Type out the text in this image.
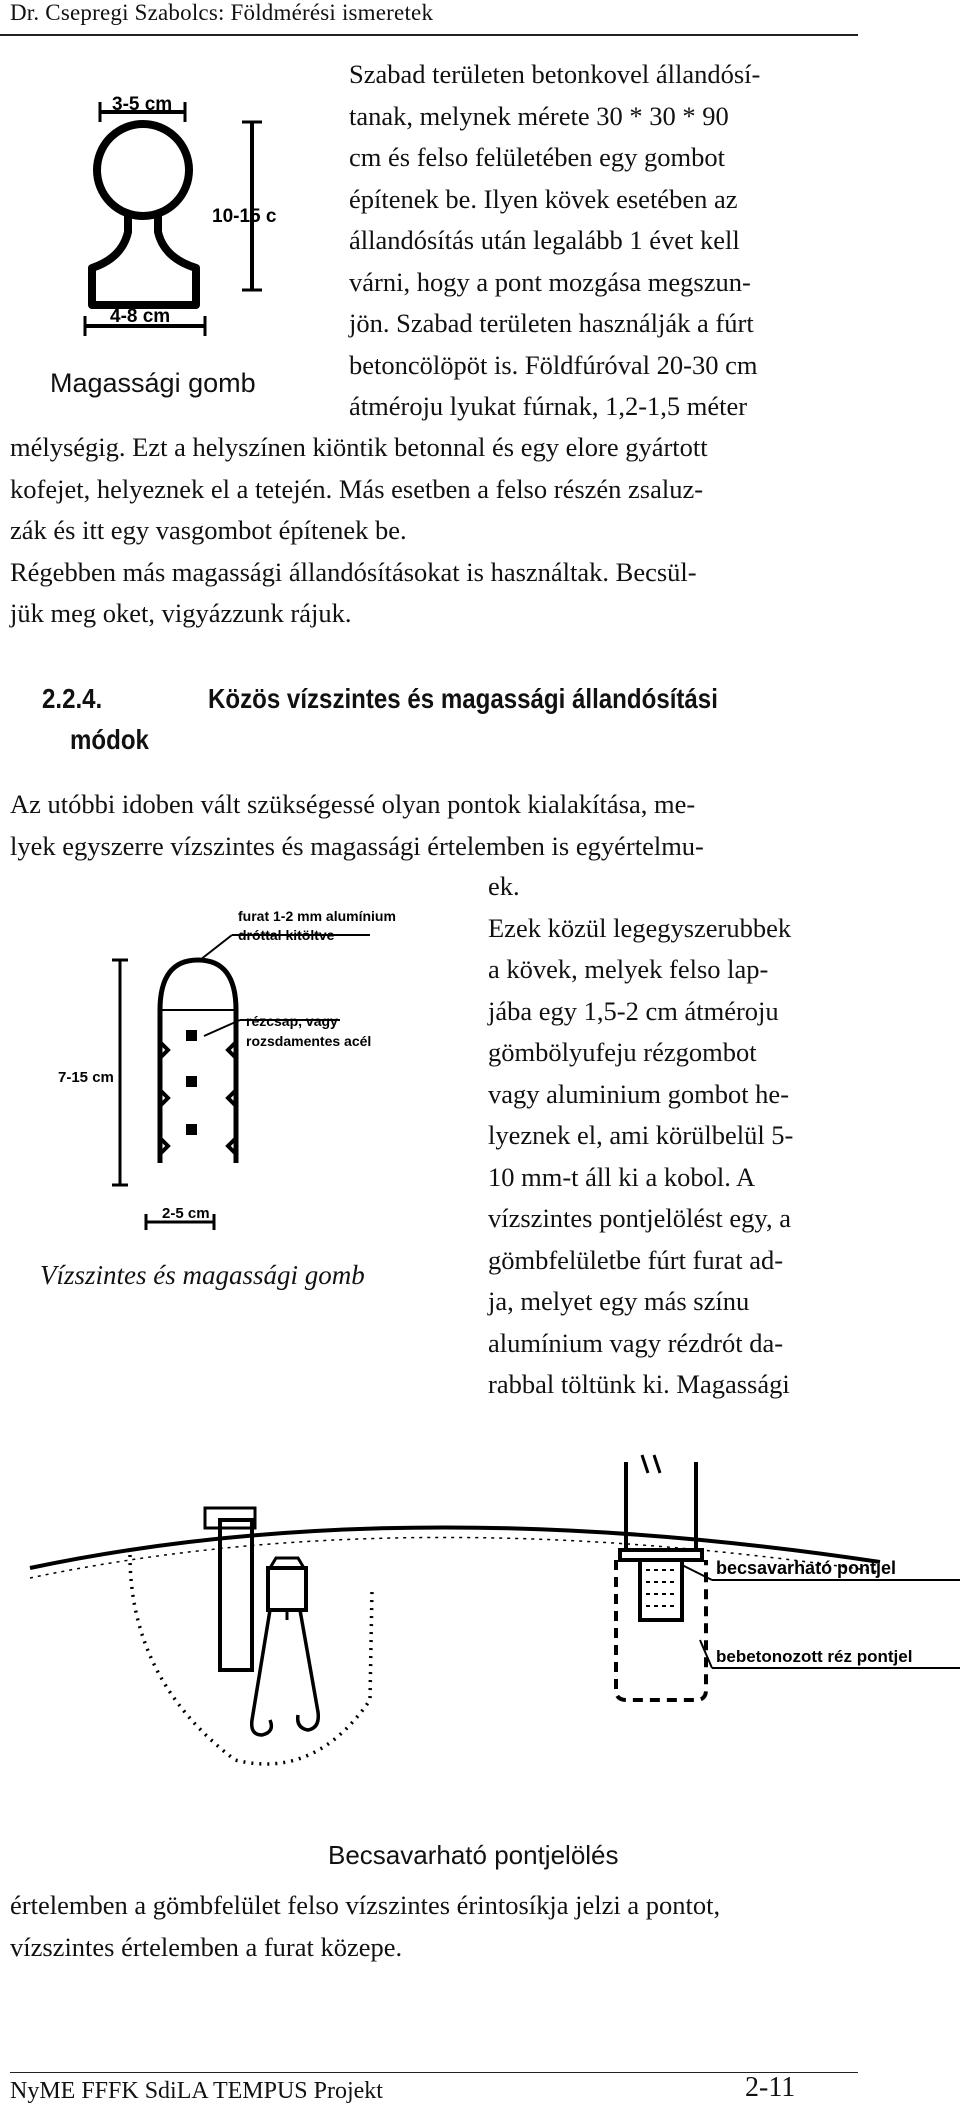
Dr. Csepregi Szabolcs: Földmérési ismeretek
3-5 cm
10-15 c
4-8 cm
Magassági gomb
Szabad területen betonkovel állandósí-
tanak, melynek mérete 30 * 30 * 90
cm és felso felületében egy gombot
építenek be. Ilyen kövek esetében az
állandósítás után legalább 1 évet kell
várni, hogy a pont mozgása megszun-
jön. Szabad területen használják a fúrt
betoncölöpöt is. Földfúróval 20-30 cm
átméroju lyukat fúrnak, 1,2-1,5 méter
mélységig. Ezt a helyszínen kiöntik betonnal és egy elore gyártott
kofejet, helyeznek el a tetején. Más esetben a felso részén zsaluz-
zák és itt egy vasgombot építenek be.
Régebben más magassági állandósításokat is használtak. Becsül-
jük meg oket, vigyázzunk rájuk.
2.2.4.	Közös vízszintes és magassági állandósítási
módok
Az utóbbi idoben vált szükségessé olyan pontok kialakítása, me-
lyek egyszerre vízszintes és magassági értelemben is egyértelmu-
ek.
Ezek közül legegyszerubbek
a kövek, melyek felso lap-
jába egy 1,5-2 cm átméroju
gömbölyufeju rézgombot
vagy aluminium gombot he-
lyeznek el, ami körülbelül 5-
10 mm-t áll ki a kobol. A
vízszintes pontjelölést egy, a
gömbfelületbe fúrt furat ad-
ja, melyet egy más színu
alumínium vagy rézdrót da-
rabbal töltünk ki. Magassági
furat 1-2 mm alumínium
dróttal kitöltve
rézcsap, vagy
rozsdamentes acél
7-15 cm
2-5 cm
Vízszintes és magassági gomb
becsavarható pontjel
bebetonozott réz pontjel
Becsavarható pontjelölés
értelemben a gömbfelület felso vízszintes érintosíkja jelzi a pontot,
vízszintes értelemben a furat közepe.
NyME FFFK SdiLA TEMPUS Projekt	2-11
